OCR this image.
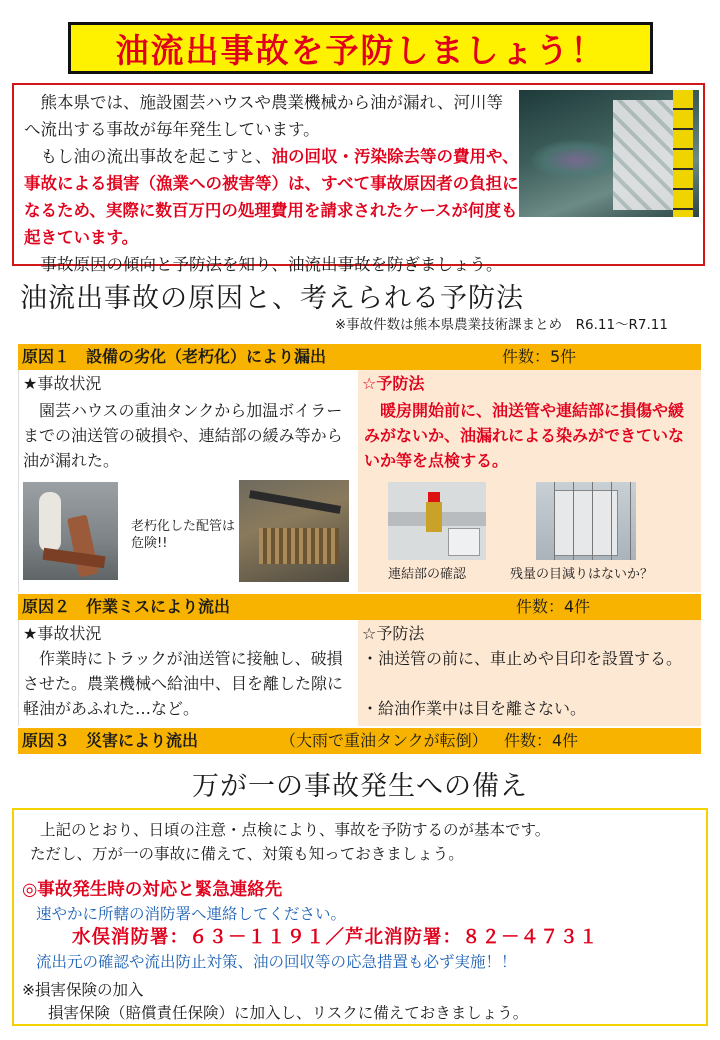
油流出事故を予防しましょう！

熊本県では、施設園芸ハウスや農業機械から油が漏れ、河川等へ流出する事故が毎年発生しています。

もし油の流出事故を起こすと、油の回収・汚染除去等の費用や、事故による損害（漁業への被害等）は、すべて事故原因者の負担になるため、実際に数百万円の処理費用を請求されたケースが何度も起きています。

事故原因の傾向と予防法を知り、油流出事故を防ぎましょう。

油流出事故の原因と、考えられる予防法
※事故件数は熊本県農業技術課まとめ　R6.11～R7.11
原因１　設備の劣化（老朽化）により漏出	件数：5件
★事故状況
園芸ハウスの重油タンクから加温ボイラーまでの油送管の破損や、連結部の緩み等から油が漏れた。
老朽化した配管は危険!!
☆予防法
暖房開始前に、油送管や連結部に損傷や緩みがないか、油漏れによる染みができていないか等を点検する。
連結部の確認	残量の目減りはないか？
原因２　作業ミスにより流出	件数：4件
★事故状況
作業時にトラックが油送管に接触し、破損させた。農業機械へ給油中、目を離した隙に軽油があふれた…など。
☆予防法
・油送管の前に、車止めや目印を設置する。
・給油作業中は目を離さない。
原因３　災害により流出	（大雨で重油タンクが転倒） 件数：4件
万が一の事故発生への備え
上記のとおり、日頃の注意・点検により、事故を予防するのが基本です。
ただし、万が一の事故に備えて、対策も知っておきましょう。
◎事故発生時の対応と緊急連絡先
速やかに所轄の消防署へ連絡してください。
水俣消防署：６３－１１９１／芦北消防署：８２－４７３１
流出元の確認や流出防止対策、油の回収等の応急措置も必ず実施！！
※損害保険の加入
損害保険（賠償責任保険）に加入し、リスクに備えておきましょう。
